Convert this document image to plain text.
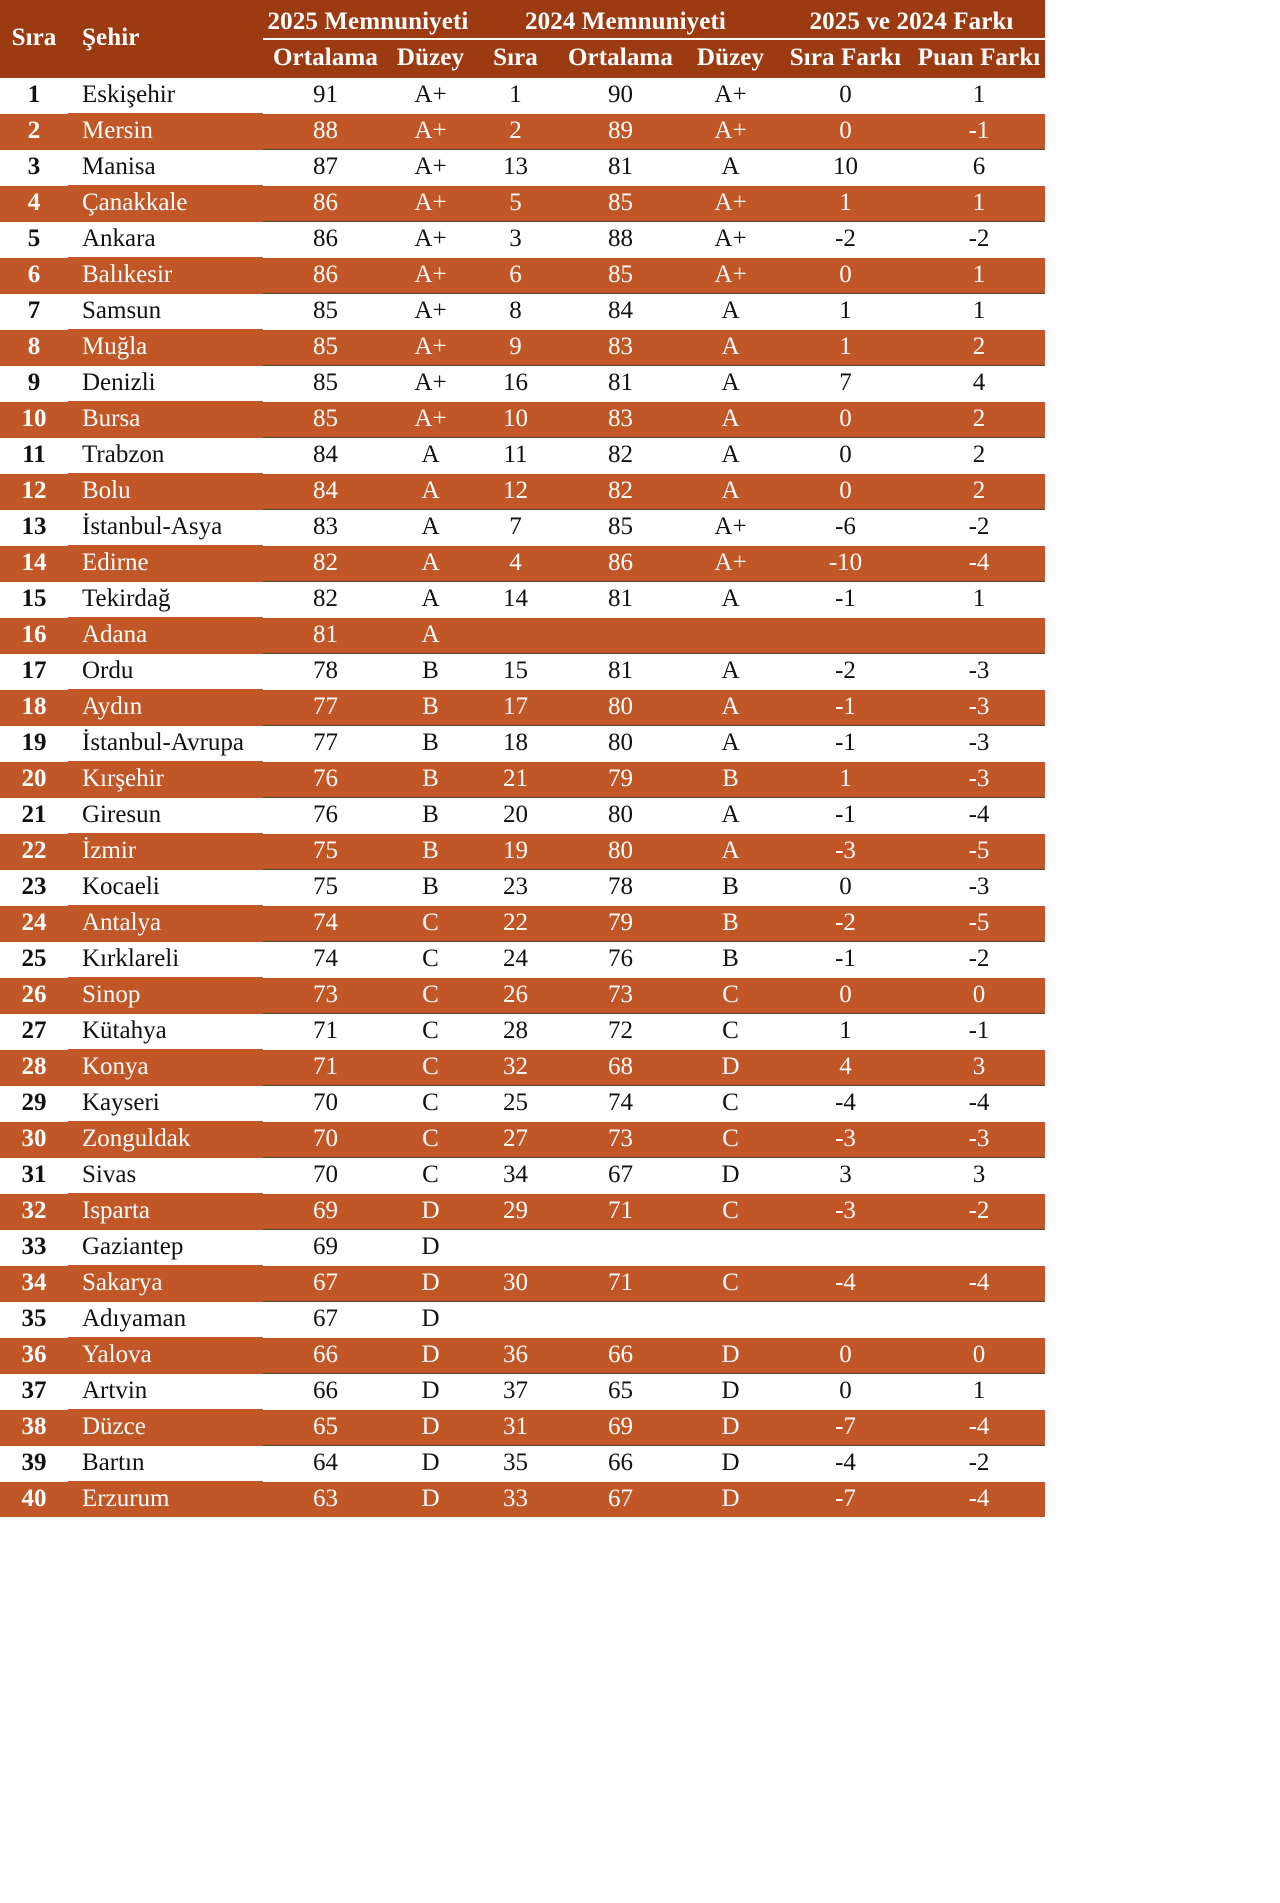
Sıra	Şehir	2025 Memnuniyeti		2024 Memnuniyeti			2025 ve 2024 Farkı	
		Ortalama	Düzey	Sıra	Ortalama	Düzey	Sıra Farkı	Puan Farkı
1	Eskişehir	91	A+	1	90	A+	0	1
2	Mersin	88	A+	2	89	A+	0	-1
3	Manisa	87	A+	13	81	A	10	6
4	Çanakkale	86	A+	5	85	A+	1	1
5	Ankara	86	A+	3	88	A+	-2	-2
6	Balıkesir	86	A+	6	85	A+	0	1
7	Samsun	85	A+	8	84	A	1	1
8	Muğla	85	A+	9	83	A	1	2
9	Denizli	85	A+	16	81	A	7	4
10	Bursa	85	A+	10	83	A	0	2
11	Trabzon	84	A	11	82	A	0	2
12	Bolu	84	A	12	82	A	0	2
13	İstanbul-Asya	83	A	7	85	A+	-6	-2
14	Edirne	82	A	4	86	A+	-10	-4
15	Tekirdağ	82	A	14	81	A	-1	1
16	Adana	81	A					
17	Ordu	78	B	15	81	A	-2	-3
18	Aydın	77	B	17	80	A	-1	-3
19	İstanbul-Avrupa	77	B	18	80	A	-1	-3
20	Kırşehir	76	B	21	79	B	1	-3
21	Giresun	76	B	20	80	A	-1	-4
22	İzmir	75	B	19	80	A	-3	-5
23	Kocaeli	75	B	23	78	B	0	-3
24	Antalya	74	C	22	79	B	-2	-5
25	Kırklareli	74	C	24	76	B	-1	-2
26	Sinop	73	C	26	73	C	0	0
27	Kütahya	71	C	28	72	C	1	-1
28	Konya	71	C	32	68	D	4	3
29	Kayseri	70	C	25	74	C	-4	-4
30	Zonguldak	70	C	27	73	C	-3	-3
31	Sivas	70	C	34	67	D	3	3
32	Isparta	69	D	29	71	C	-3	-2
33	Gaziantep	69	D					
34	Sakarya	67	D	30	71	C	-4	-4
35	Adıyaman	67	D					
36	Yalova	66	D	36	66	D	0	0
37	Artvin	66	D	37	65	D	0	1
38	Düzce	65	D	31	69	D	-7	-4
39	Bartın	64	D	35	66	D	-4	-2
40	Erzurum	63	D	33	67	D	-7	-4
